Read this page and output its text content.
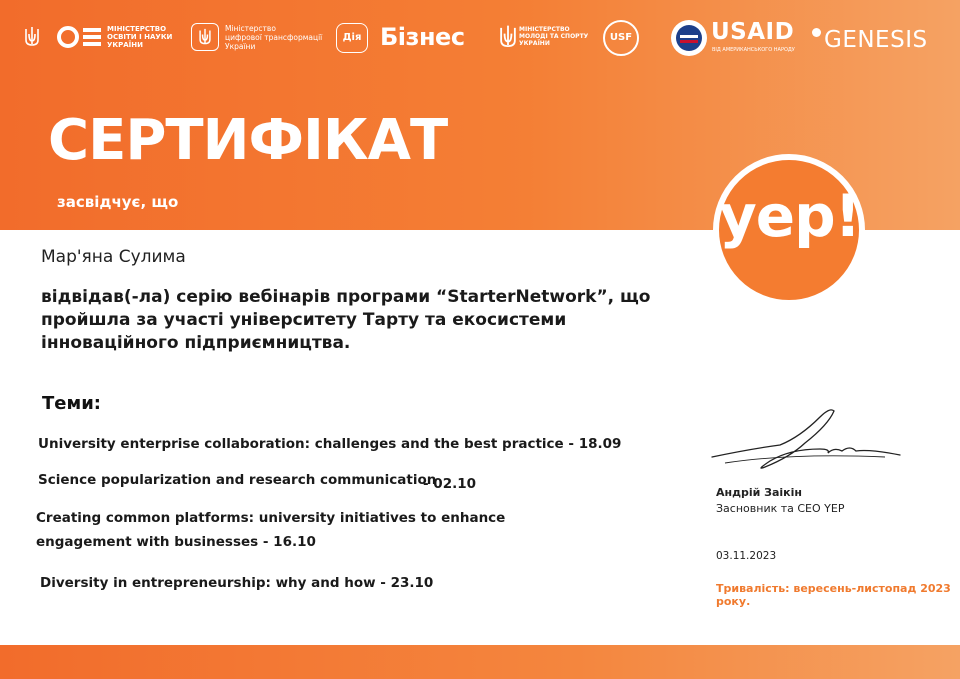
МІНІСТЕРСТВО
ОСВІТИ І НАУКИ
УКРАЇНИ
Міністерство
цифрової трансформації
України
Дія Бізнес	МІНІСТЕРСТВО
МОЛОДІ ТА СПОРТУ
УКРАЇНИ
USF	USAID
ВІД АМЕРИКАНСЬКОГО НАРОДУ GENESIS
СЕРТИФІКАТ
засвідчує, що	yep!
Мар'яна Сулима
відвідав(-ла) серію вебінарів програми “StarterNetwork”, що пройшла за участі університету Тарту та екосистеми інноваційного підприємництва.
Теми:
University enterprise collaboration: challenges and the best practice - 18.09
Science popularization and research communication
- 02.10
Creating common platforms: university initiatives to enhance
engagement with businesses - 16.10
Diversity in entrepreneurship: why and how - 23.10
Андрій Заікін
Засновник та CEO YEP
03.11.2023
Тривалість: вересень-листопад 2023 року.
